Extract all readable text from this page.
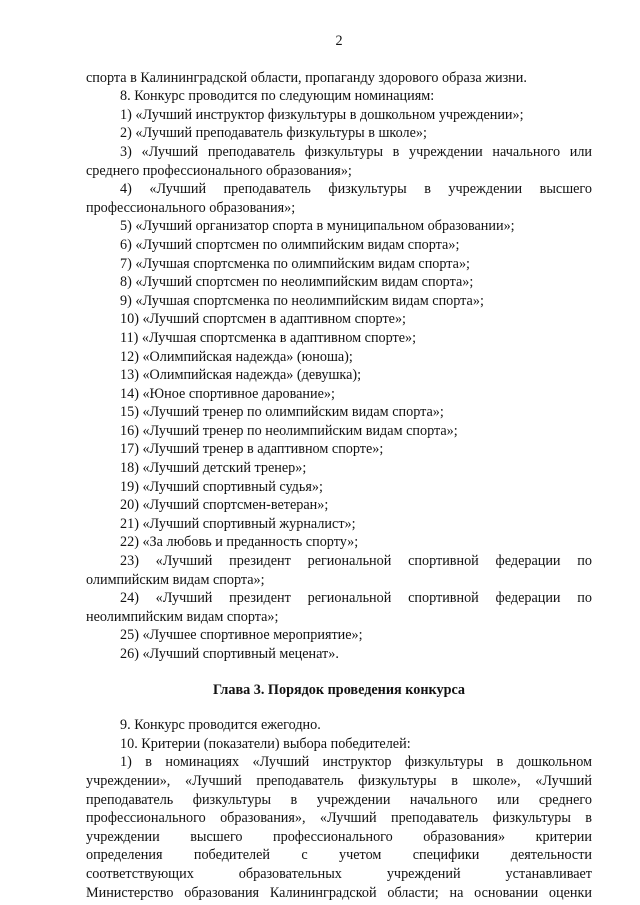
2

спорта в Калининградской области, пропаганду здорового образа жизни.

8. Конкурс проводится по следующим номинациям:

1) «Лучший инструктор физкультуры в дошкольном учреждении»;

2) «Лучший преподаватель физкультуры в школе»;

3) «Лучший преподаватель физкультуры в учреждении начального или среднего профессионального образования»;

4) «Лучший преподаватель физкультуры в учреждении высшего профессионального образования»;

5) «Лучший организатор спорта в муниципальном образовании»;

6) «Лучший спортсмен по олимпийским видам спорта»;

7) «Лучшая спортсменка по олимпийским видам спорта»;

8) «Лучший спортсмен по неолимпийским видам спорта»;

9) «Лучшая спортсменка по неолимпийским видам спорта»;

10) «Лучший спортсмен в адаптивном спорте»;

11) «Лучшая спортсменка в адаптивном спорте»;

12) «Олимпийская надежда» (юноша);

13) «Олимпийская надежда» (девушка);

14) «Юное спортивное дарование»;

15) «Лучший тренер по олимпийским видам спорта»;

16) «Лучший тренер по неолимпийским видам спорта»;

17) «Лучший тренер в адаптивном спорте»;

18) «Лучший детский тренер»;

19) «Лучший спортивный судья»;

20) «Лучший спортсмен-ветеран»;

21) «Лучший спортивный журналист»;

22) «За любовь и преданность спорту»;

23) «Лучший президент региональной спортивной федерации по олимпийским видам спорта»;

24) «Лучший президент региональной спортивной федерации по неолимпийским видам спорта»;

25) «Лучшее спортивное мероприятие»;

26) «Лучший спортивный меценат».

Глава 3. Порядок проведения конкурса

9. Конкурс проводится ежегодно.

10. Критерии (показатели) выбора победителей:

1) в номинациях «Лучший инструктор физкультуры в дошкольном

учреждении», «Лучший преподаватель физкультуры в школе», «Лучший

преподаватель физкультуры в учреждении начального или среднего

профессионального образования», «Лучший преподаватель физкультуры в

учреждении высшего профессионального образования» критерии

определения победителей с учетом специфики деятельности

соответствующих образовательных учреждений устанавливает

Министерство образования Калининградской области; на основании оценки
